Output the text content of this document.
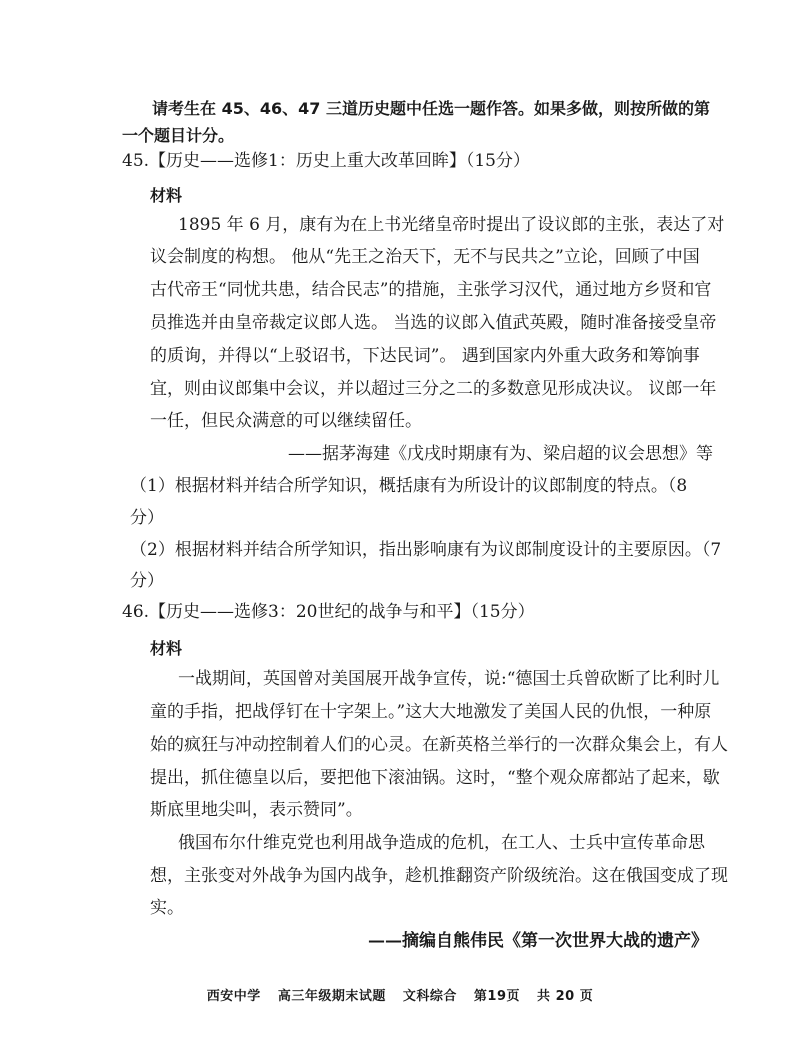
请考生在 45、46、47 三道历史题中任选一题作答。如果多做，则按所做的第
一个题目计分。
45.【历史——选修1：历史上重大改革回眸】（15分）
材料
1895 年 6 月，康有为在上书光绪皇帝时提出了设议郎的主张，表达了对
议会制度的构想。 他从“先王之治天下，无不与民共之”立论，回顾了中国
古代帝王“同忧共患，结合民志”的措施，主张学习汉代，通过地方乡贤和官
员推选并由皇帝裁定议郎人选。 当选的议郎入值武英殿，随时准备接受皇帝
的质询，并得以“上驳诏书，下达民词”。 遇到国家内外重大政务和筹饷事
宜，则由议郎集中会议，并以超过三分之二的多数意见形成决议。 议郎一年
一任，但民众满意的可以继续留任。
——据茅海建《戊戌时期康有为、梁启超的议会思想》等
（1）根据材料并结合所学知识，概括康有为所设计的议郎制度的特点。（8
分）
（2）根据材料并结合所学知识，指出影响康有为议郎制度设计的主要原因。（7
分）
46.【历史——选修3：20世纪的战争与和平】（15分）
材料
一战期间，英国曾对美国展开战争宣传，说:“德国士兵曾砍断了比利时儿
童的手指，把战俘钉在十字架上。”这大大地激发了美国人民的仇恨，一种原
始的疯狂与冲动控制着人们的心灵。在新英格兰举行的一次群众集会上，有人
提出，抓住德皇以后，要把他下滚油锅。这时，“整个观众席都站了起来，歇
斯底里地尖叫，表示赞同”。
俄国布尔什维克党也利用战争造成的危机，在工人、士兵中宣传革命思
想，主张变对外战争为国内战争，趁机推翻资产阶级统治。这在俄国变成了现
实。
——摘编自熊伟民《第一次世界大战的遗产》
西安中学 高三年级期末试题 文科综合 第19页 共 20 页
